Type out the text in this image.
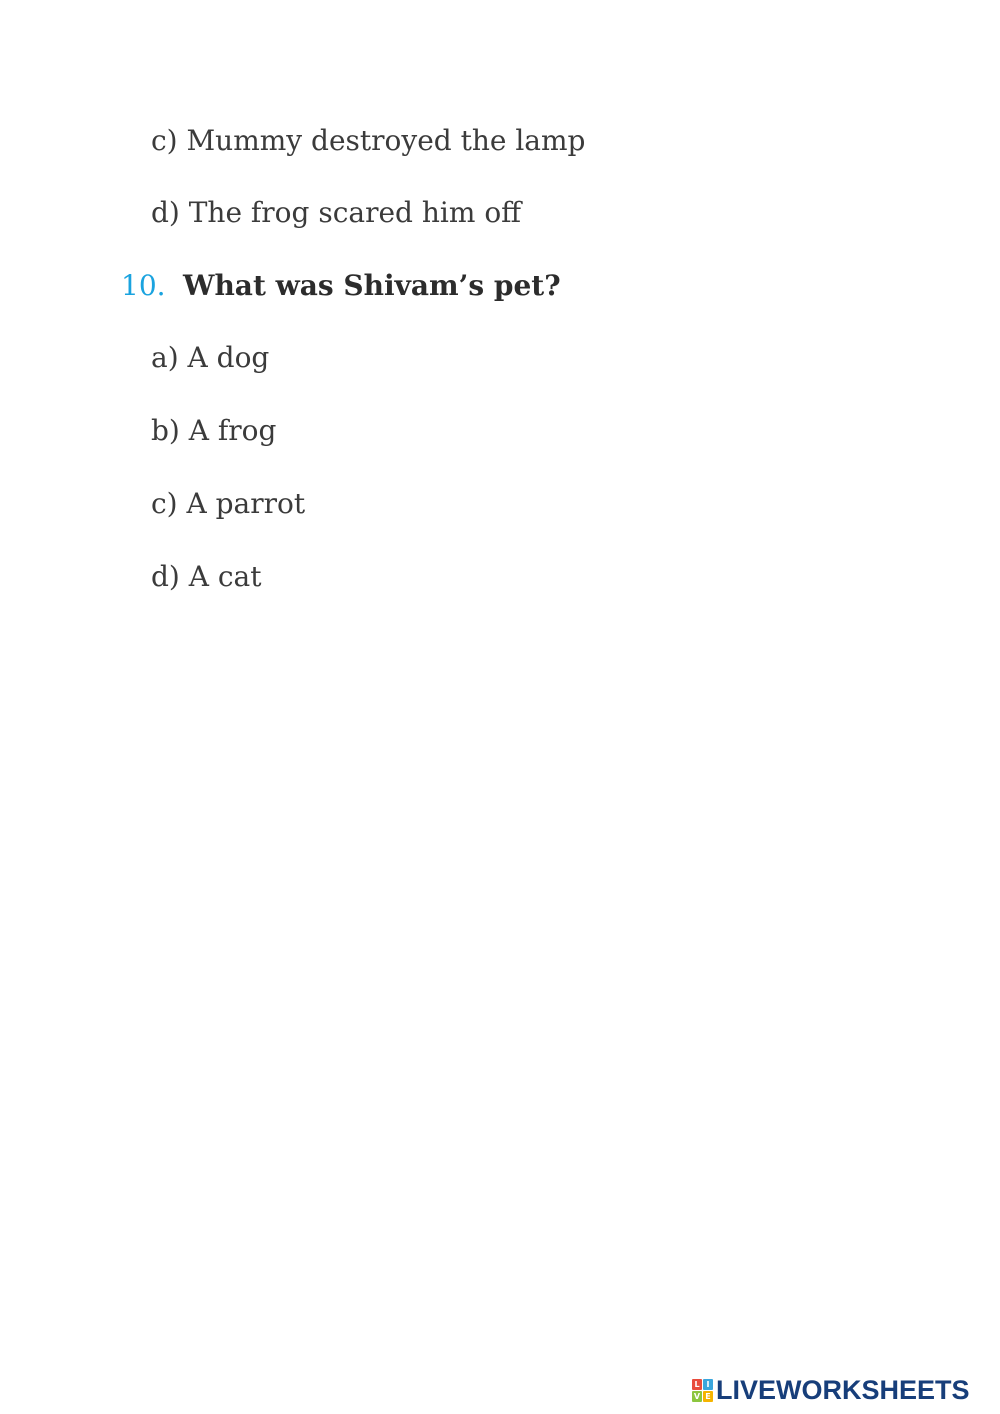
c) Mummy destroyed the lamp
d) The frog scared him off
10. What was Shivam’s pet?
a) A dog
b) A frog
c) A parrot
d) A cat
L I
V E LIVEWORKSHEETS
